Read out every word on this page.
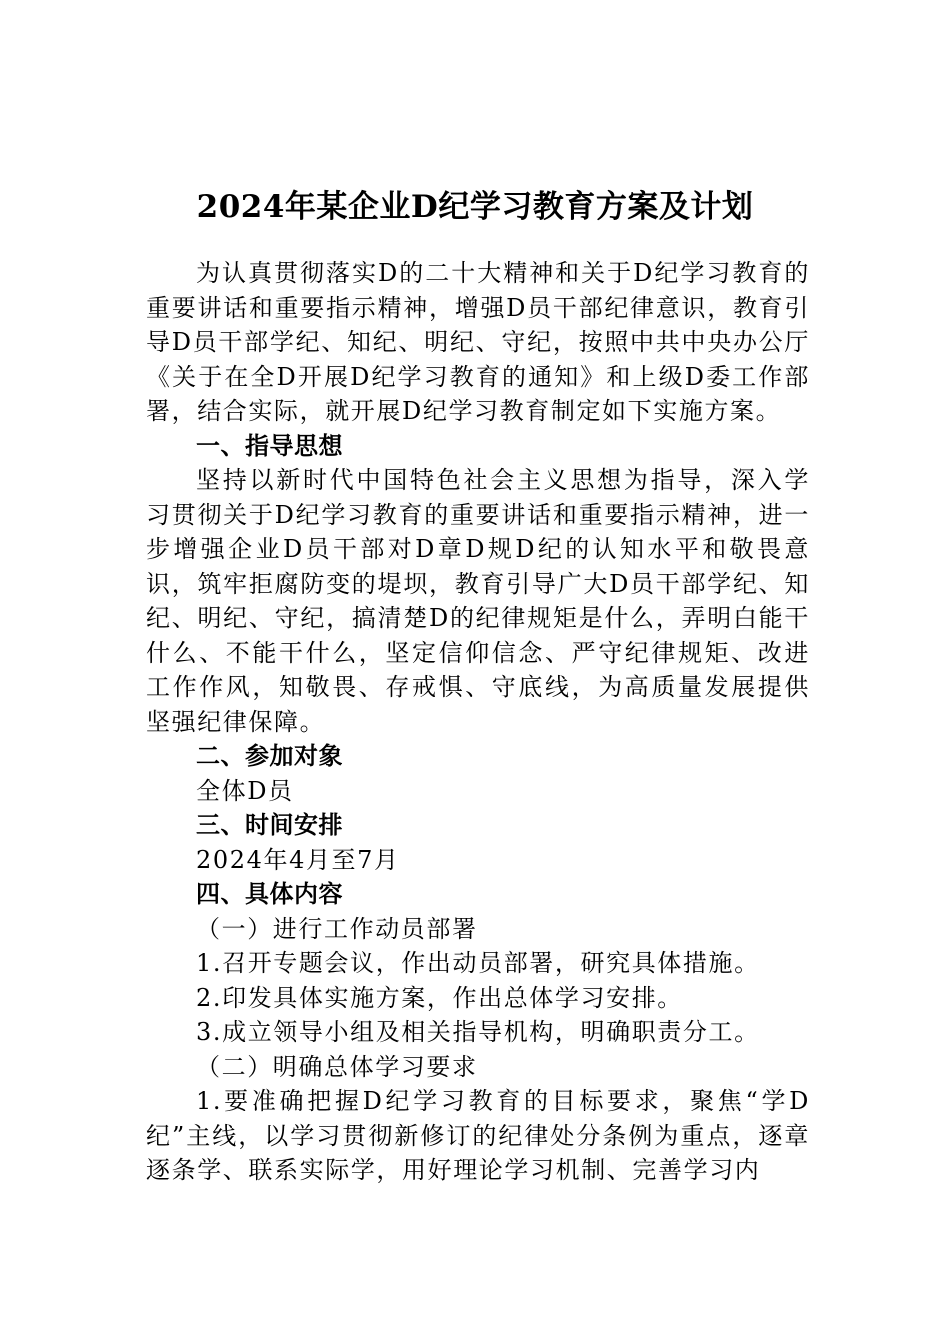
2024年某企业D纪学习教育方案及计划

为认真贯彻落实D的二十大精神和关于D纪学习教育的重要讲话和重要指示精神，增强D员干部纪律意识，教育引导D员干部学纪、知纪、明纪、守纪，按照中共中央办公厅《关于在全D开展D纪学习教育的通知》和上级D委工作部署，结合实际，就开展D纪学习教育制定如下实施方案。

一、指导思想

坚持以新时代中国特色社会主义思想为指导，深入学习贯彻关于D纪学习教育的重要讲话和重要指示精神，进一步增强企业D员干部对D章D规D纪的认知水平和敬畏意识，筑牢拒腐防变的堤坝，教育引导广大D员干部学纪、知纪、明纪、守纪，搞清楚D的纪律规矩是什么，弄明白能干什么、不能干什么，坚定信仰信念、严守纪律规矩、改进工作作风，知敬畏、存戒惧、守底线，为高质量发展提供坚强纪律保障。

二、参加对象

全体D员

三、时间安排

2024年4月至7月

四、具体内容

（一）进行工作动员部署

1.召开专题会议，作出动员部署，研究具体措施。

2.印发具体实施方案，作出总体学习安排。

3.成立领导小组及相关指导机构，明确职责分工。

（二）明确总体学习要求

1.要准确把握D纪学习教育的目标要求，聚焦“学D纪”主线，以学习贯彻新修订的纪律处分条例为重点，逐章逐条学、联系实际学，用好理论学习机制、完善学习内
